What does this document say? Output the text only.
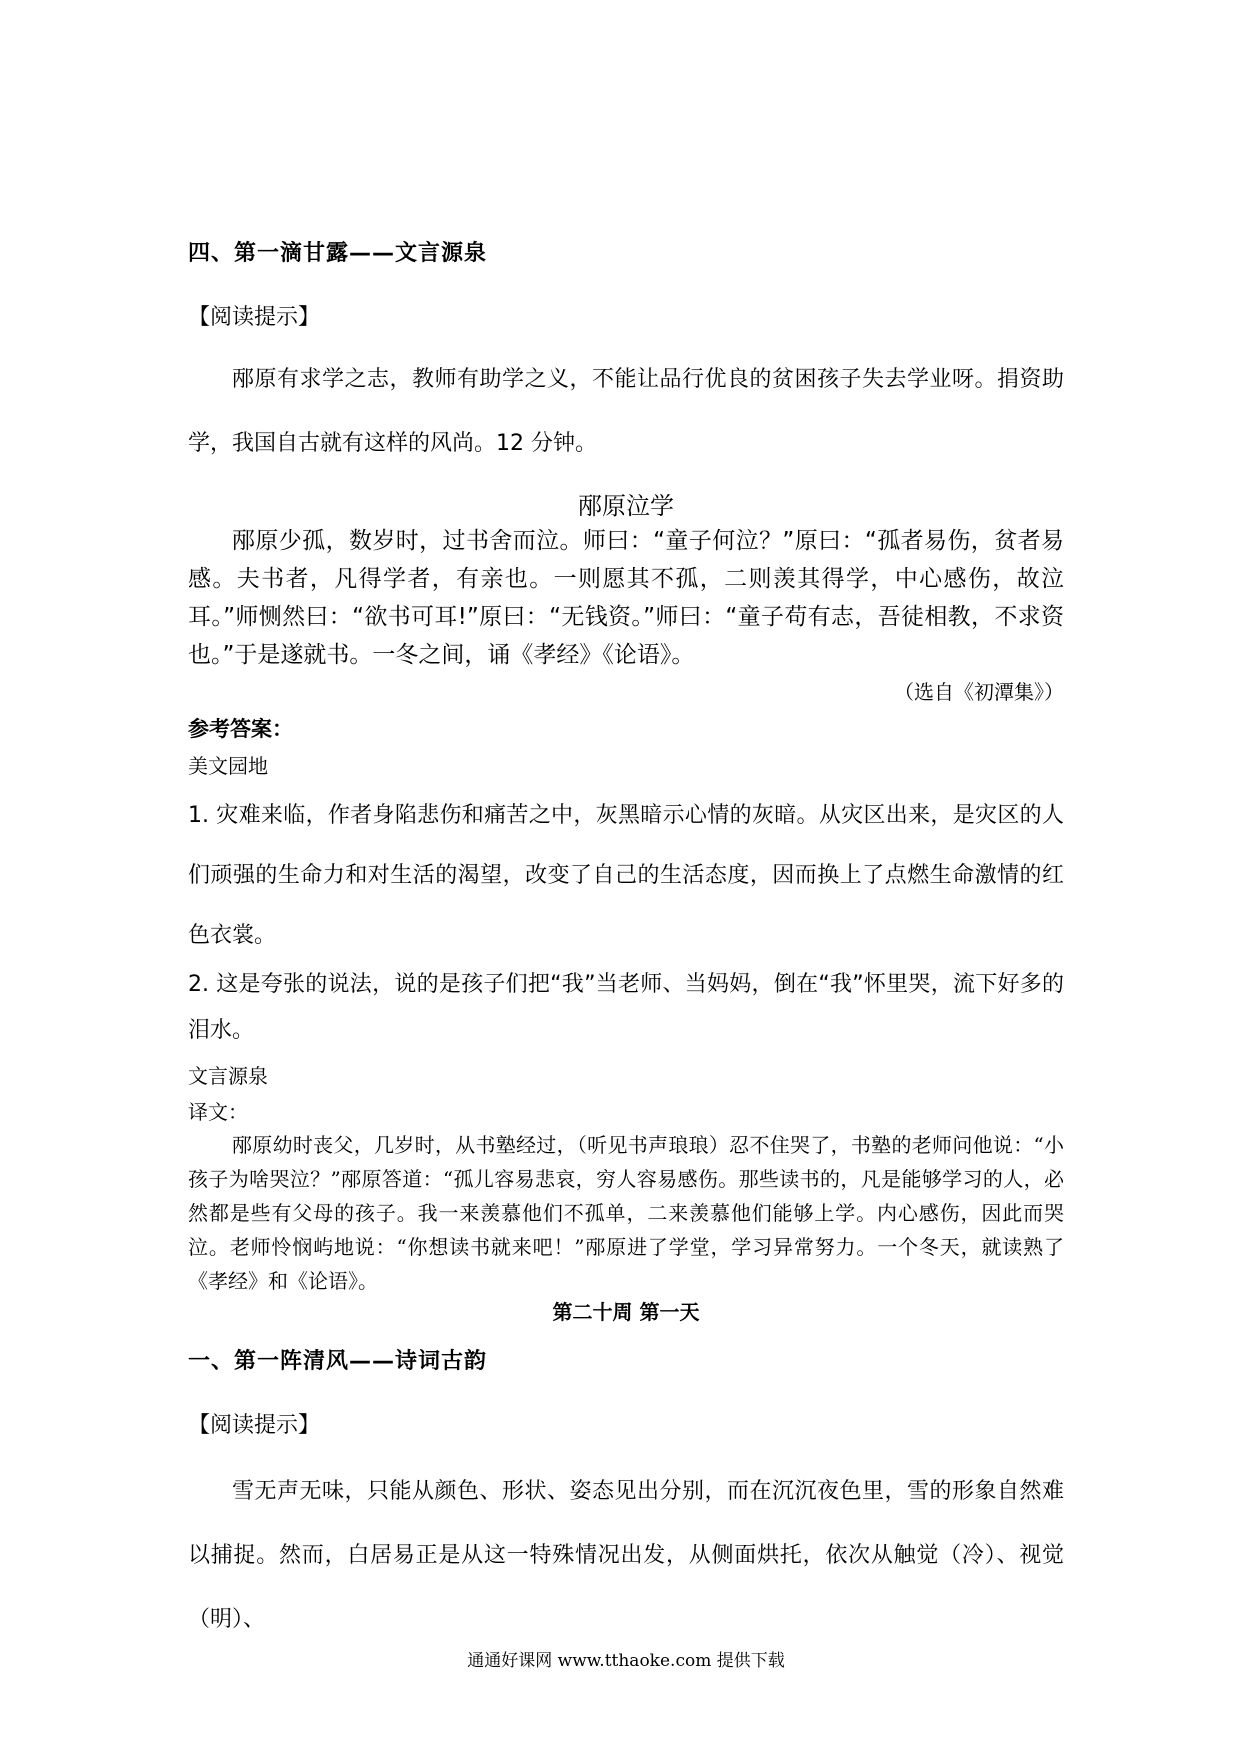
四、第一滴甘露——文言源泉
【阅读提示】
邴原有求学之志，教师有助学之义，不能让品行优良的贫困孩子失去学业呀。捐资助学，我国自古就有这样的风尚。12 分钟。
邴原泣学
邴原少孤，数岁时，过书舍而泣。师曰：“童子何泣？”原曰：“孤者易伤，贫者易感。夫书者，凡得学者，有亲也。一则愿其不孤，二则羡其得学，中心感伤，故泣耳。”师恻然曰：“欲书可耳!”原曰：“无钱资。”师曰：“童子苟有志，吾徒相教，不求资也。”于是遂就书。一冬之间，诵《孝经》《论语》。
（选自《初潭集》）
参考答案：
美文园地
1. 灾难来临，作者身陷悲伤和痛苦之中，灰黑暗示心情的灰暗。从灾区出来，是灾区的人们顽强的生命力和对生活的渴望，改变了自己的生活态度，因而换上了点燃生命激情的红色衣裳。
2. 这是夸张的说法，说的是孩子们把“我”当老师、当妈妈，倒在“我”怀里哭，流下好多的泪水。
文言源泉
译文：
邴原幼时丧父，几岁时，从书塾经过，（听见书声琅琅）忍不住哭了，书塾的老师问他说：“小孩子为啥哭泣？”邴原答道：“孤儿容易悲哀，穷人容易感伤。那些读书的，凡是能够学习的人，必然都是些有父母的孩子。我一来羡慕他们不孤单，二来羡慕他们能够上学。内心感伤，因此而哭泣。老师怜悯屿地说：“你想读书就来吧！”邴原进了学堂，学习异常努力。一个冬天，就读熟了《孝经》和《论语》。
第二十周 第一天
一、第一阵清风——诗词古韵
【阅读提示】
雪无声无味，只能从颜色、形状、姿态见出分别，而在沉沉夜色里，雪的形象自然难以捕捉。然而，白居易正是从这一特殊情况出发，从侧面烘托，依次从触觉（冷）、视觉（明）、
通通好课网 www.tthaoke.com 提供下载
